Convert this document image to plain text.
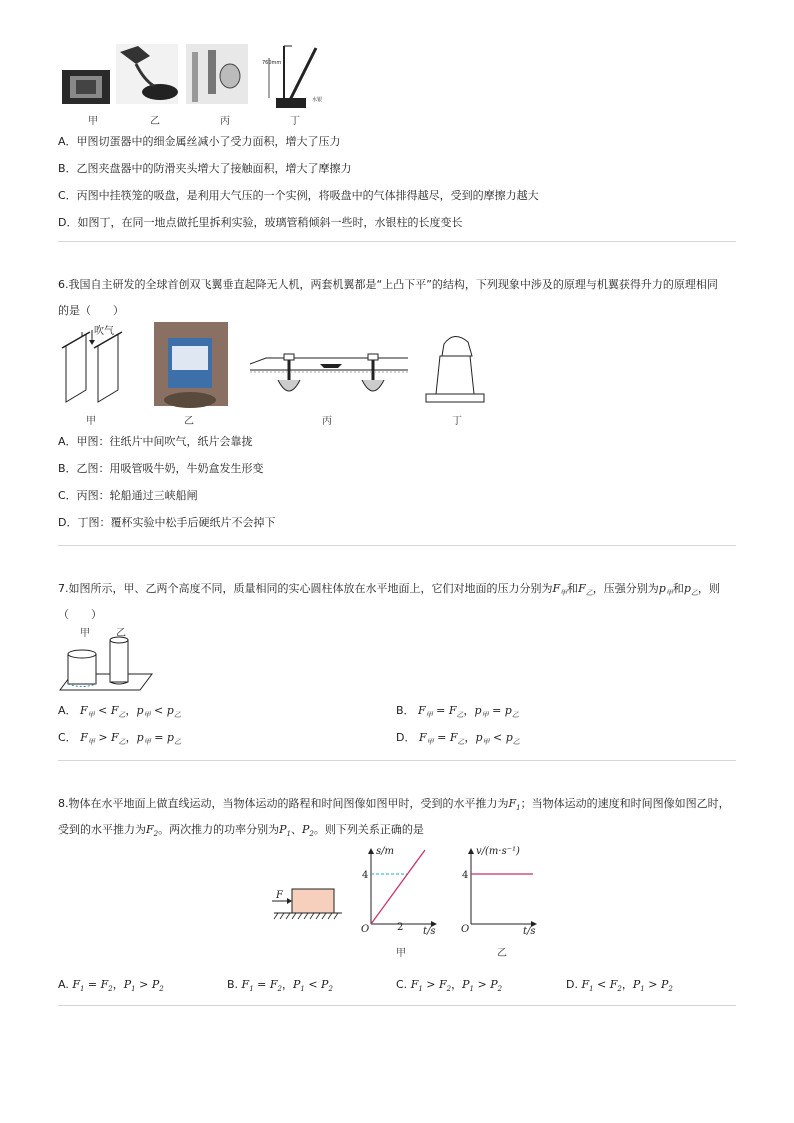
760mm
水银
甲	乙	丙	丁
A．甲图切蛋器中的细金属丝减小了受力面积，增大了压力
B．乙图夹盘器中的防滑夹头增大了接触面积，增大了摩擦力
C．丙图中挂筷笼的吸盘，是利用大气压的一个实例，将吸盘中的气体排得越尽，受到的摩擦力越大
D．如图丁，在同一地点做托里拆利实验，玻璃管稍倾斜一些时，水银柱的长度变长
6.我国自主研发的全球首创双飞翼垂直起降无人机，两套机翼都是“上凸下平”的结构，下列现象中涉及的原理与机翼获得升力的原理相同
的是（　　）
吹气
甲	乙	丙	丁
A．甲图：往纸片中间吹气，纸片会靠拢
B．乙图：用吸管吸牛奶，牛奶盒发生形变
C．丙图：轮船通过三峡船闸
D．丁图：覆杯实验中松手后硬纸片不会掉下
7.如图所示，甲、乙两个高度不同，质量相同的实心圆柱体放在水平地面上，它们对地面的压力分别为$F_甲$和$F_乙$，压强分别为$p_甲$和$p_乙$，则
（　　）
甲	乙
A． $F_甲 < F_乙$，$p_甲 < p_乙$	B． $F_甲 = F_乙$，$p_甲 = p_乙$
C． $F_甲 > F_乙$，$p_甲 = p_乙$	D． $F_甲 = F_乙$，$p_甲 < p_乙$
8.物体在水平地面上做直线运动，当物体运动的路程和时间图像如图甲时，受到的水平推力为$F_1$；当物体运动的速度和时间图像如图乙时，
受到的水平推力为$F_2$。两次推力的功率分别为$P_1$、$P_2$。则下列关系正确的是
F
s/m
4
O	2 t/s
甲
v/(m·s⁻¹)
4
O	t/s
乙
A. $F_1 = F_2$，$P_1 > P_2$	B. $F_1 = F_2$，$P_1 < P_2$	C. $F_1 > F_2$，$P_1 > P_2$	D. $F_1 < F_2$，$P_1 > P_2$
